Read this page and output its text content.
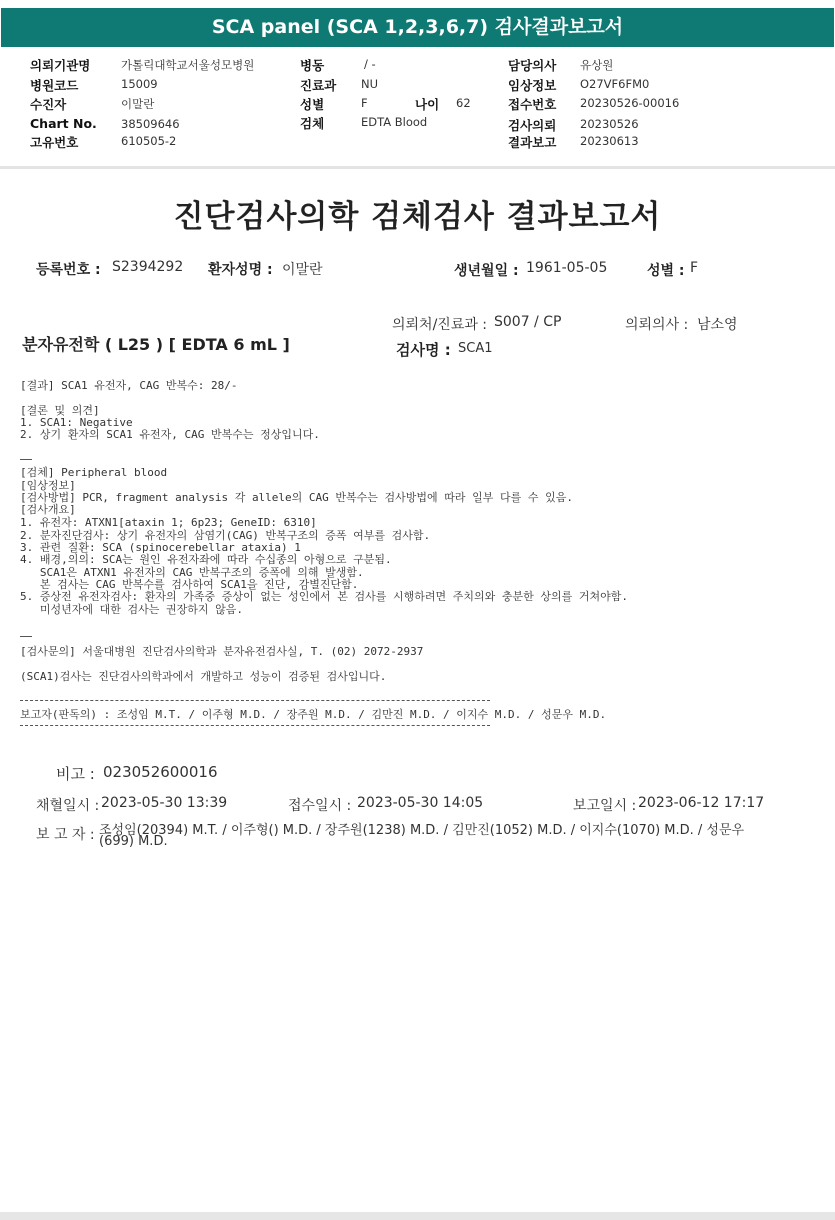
SCA panel (SCA 1,2,3,6,7) 검사결과보고서
의뢰기관명	가톨릭대학교서울성모병원
병원코드	15009
수진자	이말란
Chart No. 38509646
고유번호	610505-2
병동	/ -
진료과 NU
성별	F	나이 62
검체	EDTA Blood
담당의사 유상원
임상정보 O27VF6FM0
접수번호 20230526-00016
검사의뢰 20230526
결과보고 20230613
진단검사의학 검체검사 결과보고서
등록번호 : S2394292 환자성명 : 이말란	생년월일 : 1961-05-05	성별 : F
의뢰처/진료과 : S007 / CP	의뢰의사 : 남소영
분자유전학 ( L25 ) [ EDTA 6 mL ]	검사명 : SCA1
[결과] SCA1 유전자, CAG 반복수: 28/-
[결론 및 의견]
1. SCA1: Negative
2. 상기 환자의 SCA1 유전자, CAG 반복수는 정상입니다.
[검체] Peripheral blood
[임상정보]
[검사방법] PCR, fragment analysis 각 allele의 CAG 반복수는 검사방법에 따라 일부 다를 수 있음.
[검사개요]
1. 유전자: ATXN1[ataxin 1; 6p23; GeneID: 6310]
2. 분자진단검사: 상기 유전자의 삼염기(CAG) 반복구조의 증폭 여부를 검사함.
3. 관련 질환: SCA (spinocerebellar ataxia) 1
4. 배경,의의: SCA는 원인 유전자좌에 따라 수십종의 아형으로 구분됨.
SCA1은 ATXN1 유전자의 CAG 반복구조의 증폭에 의해 발생함.
본 검사는 CAG 반복수를 검사하여 SCA1을 진단, 감별진단함.
5. 증상전 유전자검사: 환자의 가족중 증상이 없는 성인에서 본 검사를 시행하려면 주치의와 충분한 상의를 거쳐야함.
미성년자에 대한 검사는 권장하지 않음.
[검사문의] 서울대병원 진단검사의학과 분자유전검사실, T. (02) 2072-2937
(SCA1)검사는 진단검사의학과에서 개발하고 성능이 검증된 검사입니다.
보고자(판독의) : 조성임 M.T. / 이주형 M.D. / 장주원 M.D. / 김만진 M.D. / 이지수 M.D. / 성문우 M.D.
비고 : 023052600016
채혈일시 : 2023-05-30 13:39	접수일시 : 2023-05-30 14:05	보고일시 : 2023-06-12 17:17
보 고 자 : 조성임(20394) M.T. / 이주형() M.D. / 장주원(1238) M.D. / 김만진(1052) M.D. / 이지수(1070) M.D. / 성문우
(699) M.D.
